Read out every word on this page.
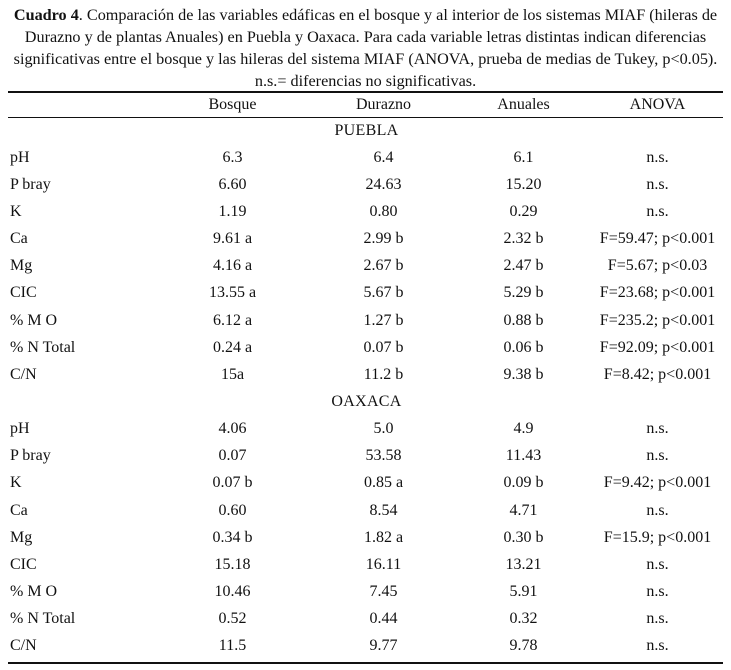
Cuadro 4. Comparación de las variables edáficas en el bosque y al interior de los sistemas MIAF (hileras de Durazno y de plantas Anuales) en Puebla y Oaxaca. Para cada variable letras distintas indican diferencias significativas entre el bosque y las hileras del sistema MIAF (ANOVA, prueba de medias de Tukey, p<0.05). n.s.= diferencias no significativas.
	Bosque	Durazno	Anuales	ANOVA
PUEBLA				
pH	6.3	6.4	6.1	n.s.
P bray	6.60	24.63	15.20	n.s.
K	1.19	0.80	0.29	n.s.
Ca	9.61 a	2.99 b	2.32 b	F=59.47; p<0.001
Mg	4.16 a	2.67 b	2.47 b	F=5.67; p<0.03
CIC	13.55 a	5.67 b	5.29 b	F=23.68; p<0.001
% M O	6.12 a	1.27 b	0.88 b	F=235.2; p<0.001
% N Total	0.24 a	0.07 b	0.06 b	F=92.09; p<0.001
C/N	15a	11.2 b	9.38 b	F=8.42; p<0.001
OAXACA				
pH	4.06	5.0	4.9	n.s.
P bray	0.07	53.58	11.43	n.s.
K	0.07 b	0.85 a	0.09 b	F=9.42; p<0.001
Ca	0.60	8.54	4.71	n.s.
Mg	0.34 b	1.82 a	0.30 b	F=15.9; p<0.001
CIC	15.18	16.11	13.21	n.s.
% M O	10.46	7.45	5.91	n.s.
% N Total	0.52	0.44	0.32	n.s.
C/N	11.5	9.77	9.78	n.s.
